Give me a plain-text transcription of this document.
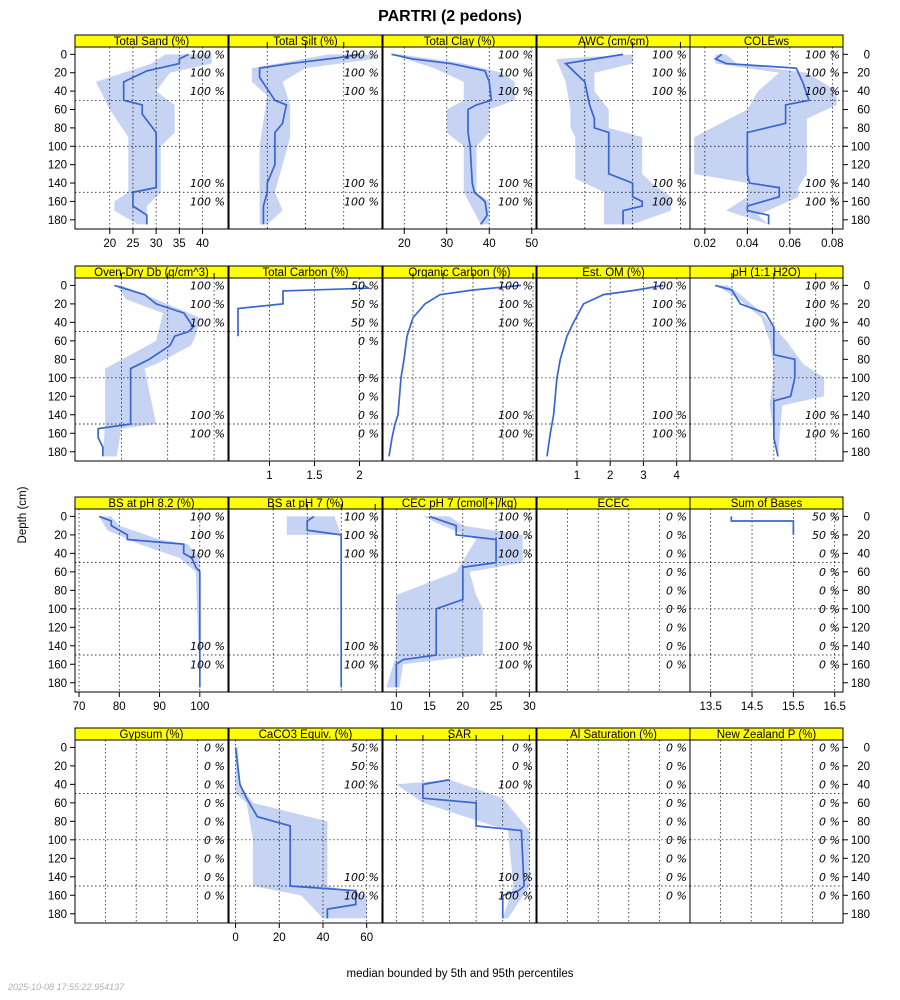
PARTRI (2 pedons)
Depth (cm)
median bounded by 5th and 95th percentiles
2025-10-08 17:55:22.954137
Total Sand (%)
100 %
100 %
100 %
100 %
100 %
20 25 30 35 40
0
20
40
60
80
100
120
140
160
180
Total Silt (%)
100 %
100 %
100 %
100 %
100 %
Total Clay (%)
100 %
100 %
100 %
100 %
100 %
20	30	40	50
AWC (cm/cm)
100 %
100 %
100 %
100 %
100 %
COLEws
100 %
100 %
100 %
100 %
100 %
0.02 0.04 0.06 0.08
0
20
40
60
80
100
120
140
160
180
Oven-Dry Db (g/cm^3)
100 %
100 %
100 %
100 %
100 %
0
20
40
60
80
100
120
140
160
180
Total Carbon (%)
50 %
50 %
50 %
0 %
0 %
0 %
0 %
0 %
1	1.5	2
Organic Carbon (%)
100 %
100 %
100 %
100 %
100 %
Est. OM (%)
100 %
100 %
100 %
100 %
100 %
1 2 3 4
pH (1:1 H2O)
100 %
100 %
100 %
100 %
100 %
0
20
40
60
80
100
120
140
160
180
BS at pH 8.2 (%)
100 %
100 %
100 %
100 %
100 %
70 80 90 100
0
20
40
60
80
100
120
140
160
180
BS at pH 7 (%)
100 %
100 %
100 %
100 %
100 %
CEC pH 7 (cmol[+]/kg)
100 %
100 %
100 %
100 %
100 %
10 15 20 25 30
ECEC
0 %
0 %
0 %
0 %
0 %
0 %
0 %
0 %
0 %
Sum of Bases
50 %
50 %
0 %
0 %
0 %
0 %
0 %
0 %
0 %
13.5 14.5 15.5 16.5
0
20
40
60
80
100
120
140
160
180
Gypsum (%)
0 %
0 %
0 %
0 %
0 %
0 %
0 %
0 %
0 %
0
20
40
60
80
100
120
140
160
180
CaCO3 Equiv. (%)
50 %
50 %
100 %
100 %
100 %
0	20	40	60
SAR
0 %
0 %
100 %
100 %
100 %
Al Saturation (%)
0 %
0 %
0 %
0 %
0 %
0 %
0 %
0 %
0 %
New Zealand P (%)
0 %
0 %
0 %
0 %
0 %
0 %
0 %
0 %
0 %
0
20
40
60
80
100
120
140
160
180
